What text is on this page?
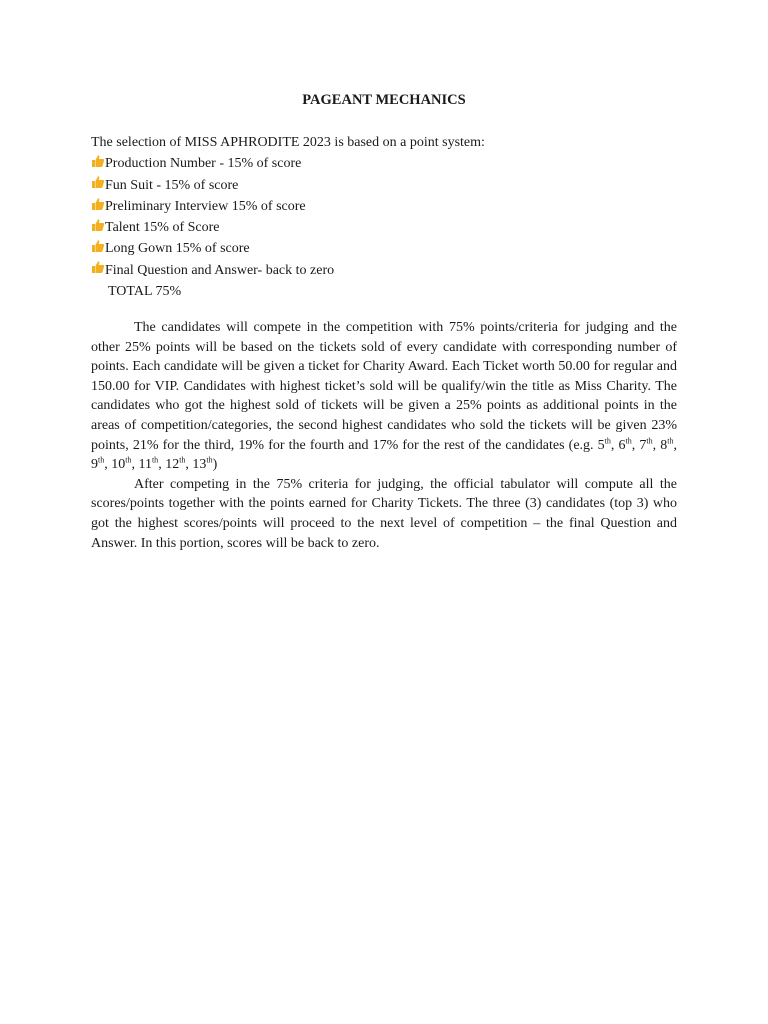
PAGEANT MECHANICS
The selection of MISS APHRODITE 2023 is based on a point system:
Production Number - 15% of score
Fun Suit - 15% of score
Preliminary Interview 15% of score
Talent 15% of Score
Long Gown 15% of score
Final Question and Answer- back to zero
TOTAL 75%

The candidates will compete in the competition with 75% points/criteria for judging and the other 25% points will be based on the tickets sold of every candidate with corresponding number of points. Each candidate will be given a ticket for Charity Award. Each Ticket worth 50.00 for regular and 150.00 for VIP. Candidates with highest ticket’s sold will be qualify/win the title as Miss Charity. The candidates who got the highest sold of tickets will be given a 25% points as additional points in the areas of competition/categories, the second highest candidates who sold the tickets will be given 23% points, 21% for the third, 19% for the fourth and 17% for the rest of the candidates (e.g. 5th, 6th, 7th, 8th, 9th, 10th, 11th, 12th, 13th)

After competing in the 75% criteria for judging, the official tabulator will compute all the scores/points together with the points earned for Charity Tickets. The three (3) candidates (top 3) who got the highest scores/points will proceed to the next level of competition – the final Question and Answer. In this portion, scores will be back to zero.
